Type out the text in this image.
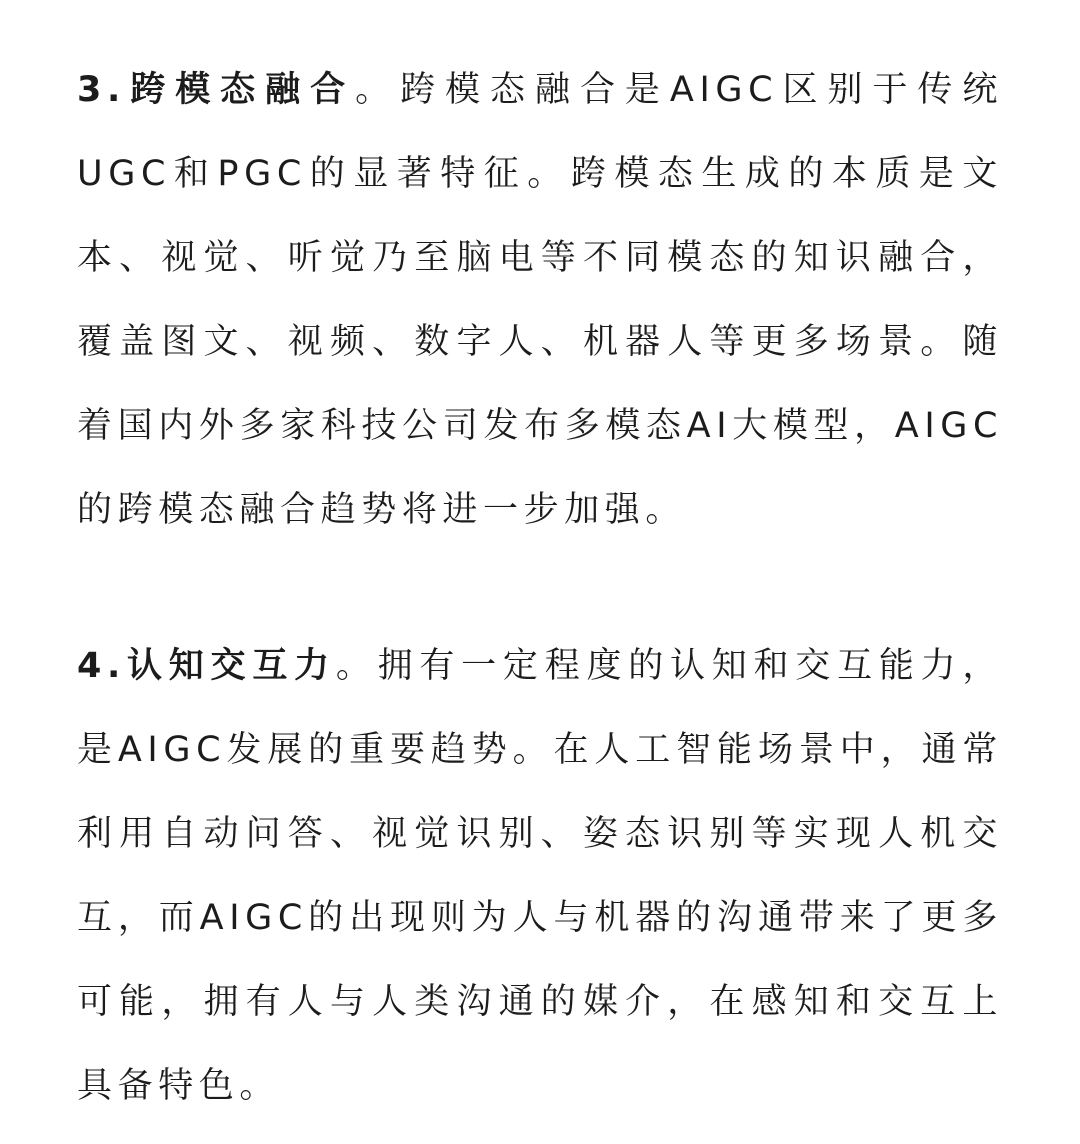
3.跨模态融合。跨模态融合是AIGC区别于传统UGC和PGC的显著特征。跨模态生成的本质是文本、视觉、听觉乃至脑电等不同模态的知识融合，覆盖图文、视频、数字人、机器人等更多场景。随着国内外多家科技公司发布多模态AI大模型，AIGC的跨模态融合趋势将进一步加强。

4.认知交互力。拥有一定程度的认知和交互能力，是AIGC发展的重要趋势。在人工智能场景中，通常利用自动问答、视觉识别、姿态识别等实现人机交互，而AIGC的出现则为人与机器的沟通带来了更多可能，拥有人与人类沟通的媒介，在感知和交互上具备特色。
